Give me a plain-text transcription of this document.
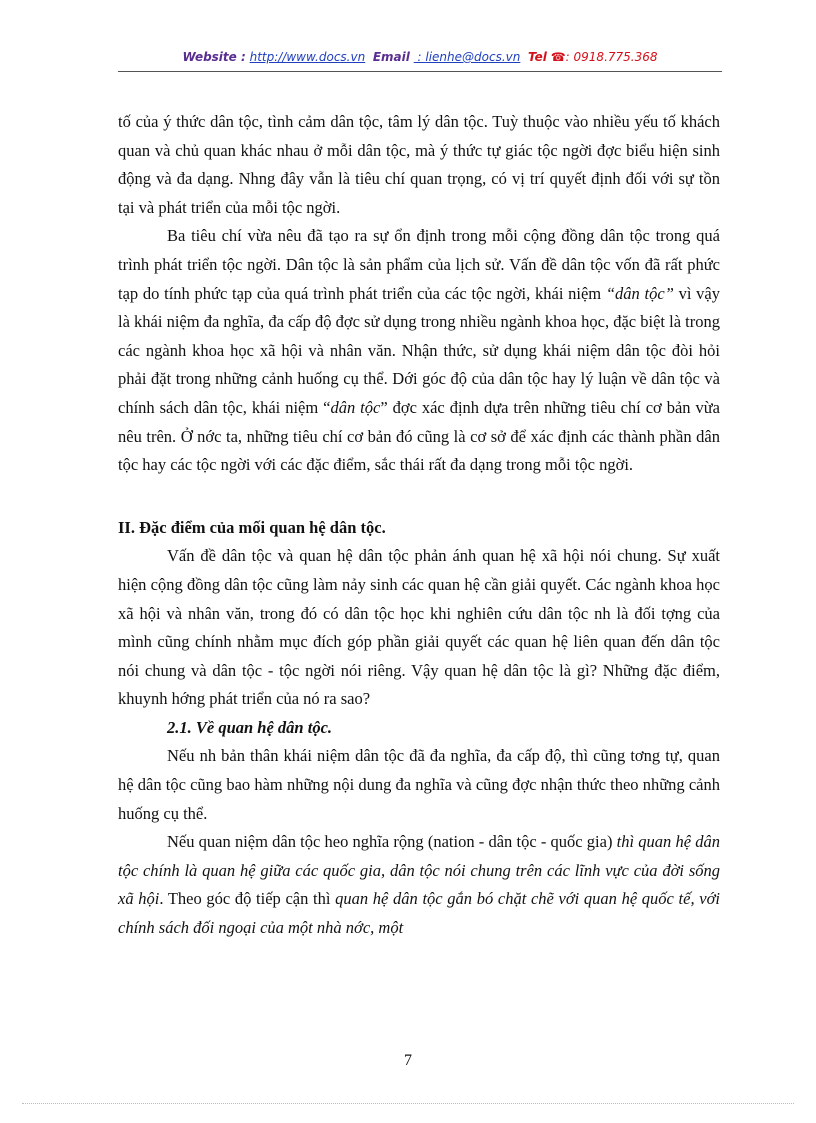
Website : http://www.docs.vn Email  : lienhe@docs.vn Tel ☎: 0918.775.368

tố của ý thức dân tộc, tình cảm dân tộc, tâm lý dân tộc. Tuỳ thuộc vào nhiều yếu tố khách quan và chủ quan khác nhau ở mỗi dân tộc, mà ý thức tự giác tộc ngời đợc biểu hiện sinh động và đa dạng. Nhng đây vẫn là tiêu chí quan trọng, có vị trí quyết định đối với sự tồn tại và phát triển của mỗi tộc ngời.

Ba tiêu chí vừa nêu đã tạo ra sự ổn định trong mỗi cộng đồng dân tộc trong quá trình phát triển tộc ngời. Dân tộc là sản phẩm của lịch sử. Vấn đề dân tộc vốn đã rất phức tạp do tính phức tạp của quá trình phát triển của các tộc ngời, khái niệm “dân tộc” vì vậy là khái niệm đa nghĩa, đa cấp độ đợc sử dụng trong nhiều ngành khoa học, đặc biệt là trong các ngành khoa học xã hội và nhân văn. Nhận thức, sử dụng khái niệm dân tộc đòi hỏi phải đặt trong những cảnh huống cụ thể. Dới góc độ của dân tộc hay lý luận về dân tộc và chính sách dân tộc, khái niệm “dân tộc” đợc xác định dựa trên những tiêu chí cơ bản vừa nêu trên. Ở nớc ta, những tiêu chí cơ bản đó cũng là cơ sở để xác định các thành phần dân tộc hay các tộc ngời với các đặc điểm, sắc thái rất đa dạng trong mỗi tộc ngời.

II. Đặc điểm của mối quan hệ dân tộc.

Vấn đề dân tộc và quan hệ dân tộc phản ánh quan hệ xã hội nói chung. Sự xuất hiện cộng đồng dân tộc cũng làm nảy sinh các quan hệ cần giải quyết. Các ngành khoa học xã hội và nhân văn, trong đó có dân tộc học khi nghiên cứu dân tộc nh là đối tợng của mình cũng chính nhằm mục đích góp phần giải quyết các quan hệ liên quan đến dân tộc nói chung và dân tộc - tộc ngời nói riêng. Vậy quan hệ dân tộc là gì? Những đặc điểm, khuynh hớng phát triển của nó ra sao?

2.1. Về quan hệ dân tộc.

Nếu nh bản thân khái niệm dân tộc đã đa nghĩa, đa cấp độ, thì cũng tơng tự, quan hệ dân tộc cũng bao hàm những nội dung đa nghĩa và cũng đợc nhận thức theo những cảnh huống cụ thể.

Nếu quan niệm dân tộc heo nghĩa rộng (nation - dân tộc - quốc gia) thì quan hệ dân tộc chính là quan hệ giữa các quốc gia, dân tộc nói chung trên các lĩnh vực của đời sống xã hội. Theo góc độ tiếp cận thì quan hệ dân tộc gắn bó chặt chẽ với quan hệ quốc tế, với chính sách đối ngoại của một nhà nớc, một

7
